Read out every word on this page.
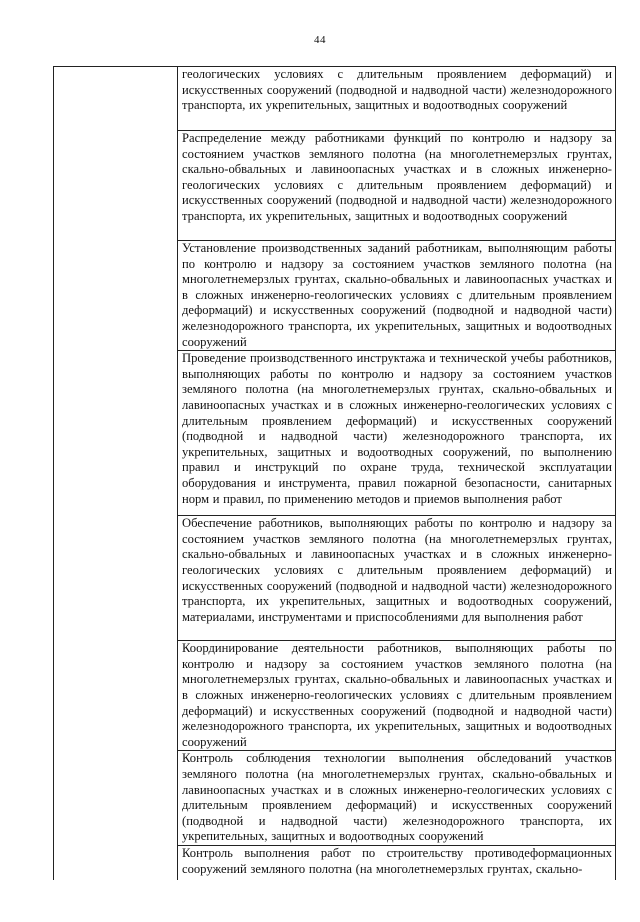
44

геологических условиях с длительным проявлением деформаций) и искусственных сооружений (подводной и надводной части) железнодорожного транспорта, их укрепительных, защитных и водоотводных сооружений

Распределение между работниками функций по контролю и надзору за состоянием участков земляного полотна (на многолетнемерзлых грунтах, скально-обвальных и лавиноопасных участках и в сложных инженерно-геологических условиях с длительным проявлением деформаций) и искусственных сооружений (подводной и надводной части) железнодорожного транспорта, их укрепительных, защитных и водоотводных сооружений

Установление производственных заданий работникам, выполняющим работы по контролю и надзору за состоянием участков земляного полотна (на многолетнемерзлых грунтах, скально-обвальных и лавиноопасных участках и в сложных инженерно-геологических условиях с длительным проявлением деформаций) и искусственных сооружений (подводной и надводной части) железнодорожного транспорта, их укрепительных, защитных и водоотводных сооружений

Проведение производственного инструктажа и технической учебы работников, выполняющих работы по контролю и надзору за состоянием участков земляного полотна (на многолетнемерзлых грунтах, скально-обвальных и лавиноопасных участках и в сложных инженерно-геологических условиях с длительным проявлением деформаций) и искусственных сооружений (подводной и надводной части) железнодорожного транспорта, их укрепительных, защитных и водоотводных сооружений, по выполнению правил и инструкций по охране труда, технической эксплуатации оборудования и инструмента, правил пожарной безопасности, санитарных норм и правил, по применению методов и приемов выполнения работ

Обеспечение работников, выполняющих работы по контролю и надзору за состоянием участков земляного полотна (на многолетнемерзлых грунтах, скально-обвальных и лавиноопасных участках и в сложных инженерно-геологических условиях с длительным проявлением деформаций) и искусственных сооружений (подводной и надводной части) железнодорожного транспорта, их укрепительных, защитных и водоотводных сооружений, материалами, инструментами и приспособлениями для выполнения работ

Координирование деятельности работников, выполняющих работы по контролю и надзору за состоянием участков земляного полотна (на многолетнемерзлых грунтах, скально-обвальных и лавиноопасных участках и в сложных инженерно-геологических условиях с длительным проявлением деформаций) и искусственных сооружений (подводной и надводной части) железнодорожного транспорта, их укрепительных, защитных и водоотводных сооружений

Контроль соблюдения технологии выполнения обследований участков земляного полотна (на многолетнемерзлых грунтах, скально-обвальных и лавиноопасных участках и в сложных инженерно-геологических условиях с длительным проявлением деформаций) и искусственных сооружений (подводной и надводной части) железнодорожного транспорта, их укрепительных, защитных и водоотводных сооружений

Контроль выполнения работ по строительству противодеформационных сооружений земляного полотна (на многолетнемерзлых грунтах, скально-
